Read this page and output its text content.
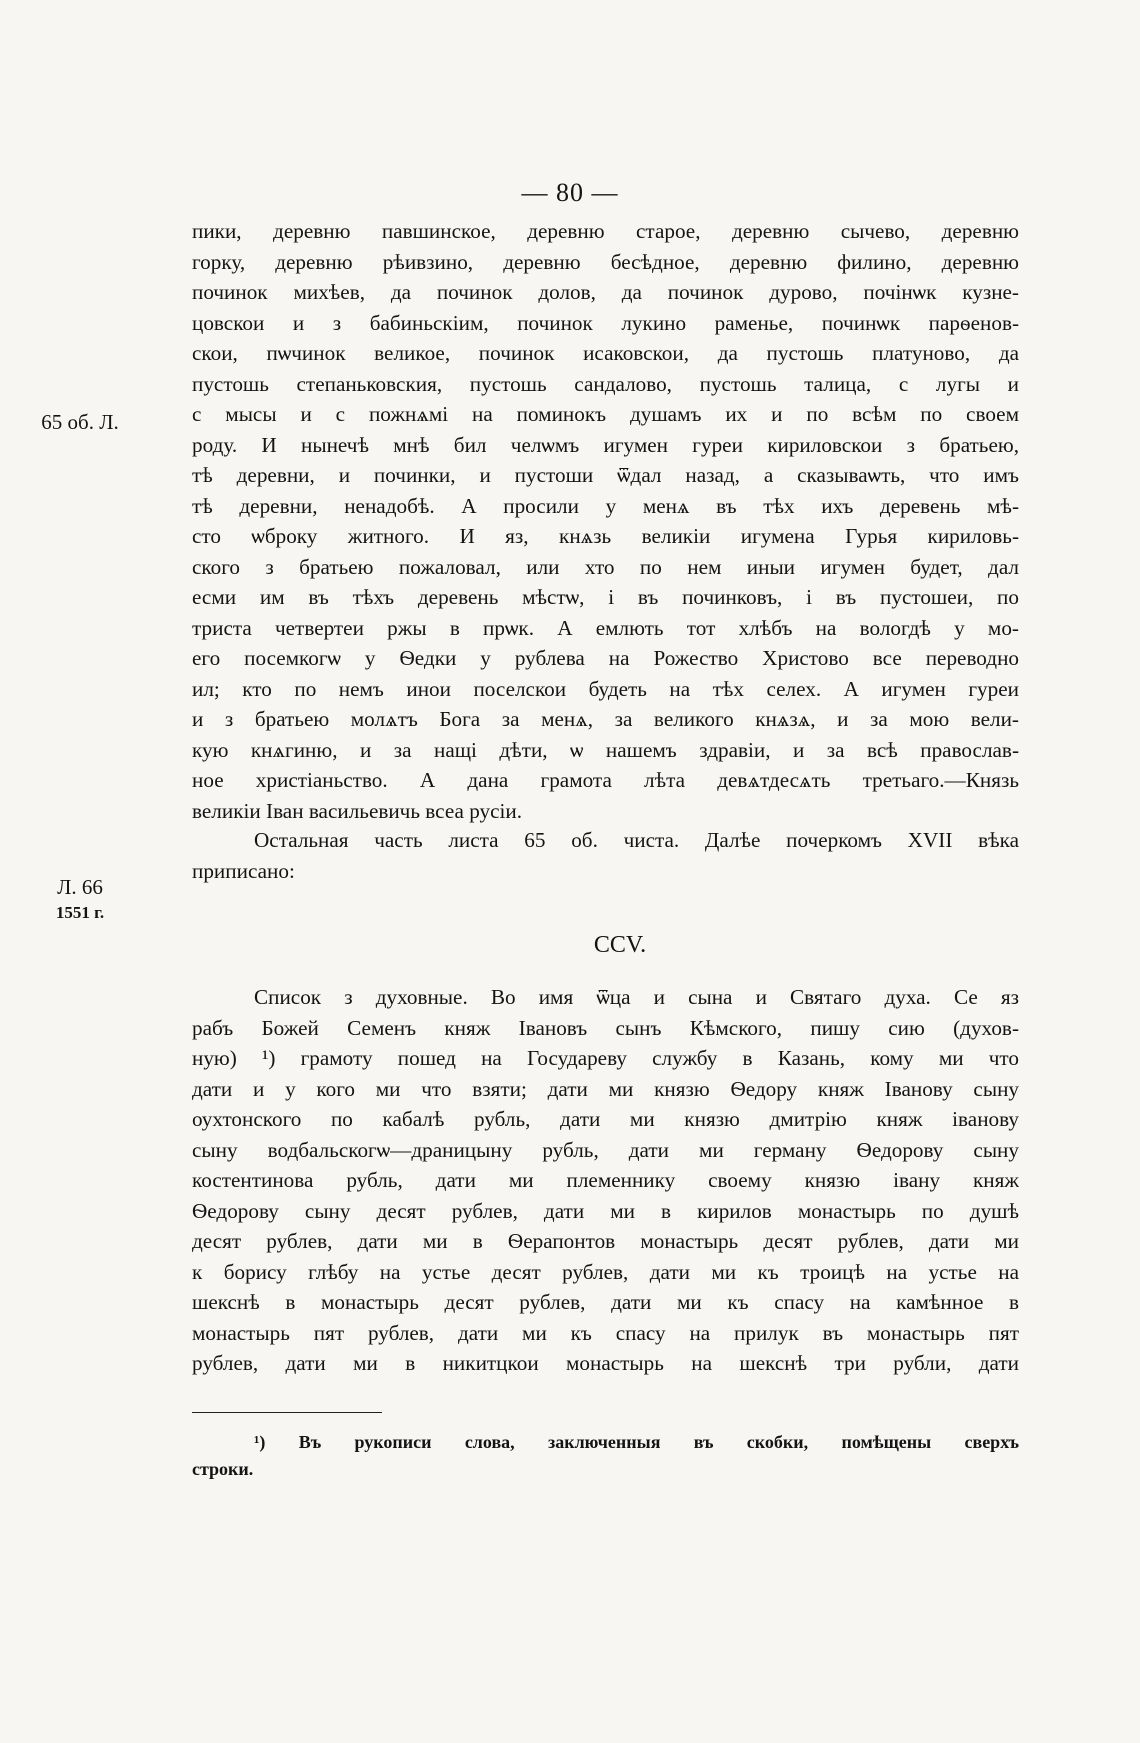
— 80 —
65 об. Л.
Л. 66
1551 г.
пики, деревню павшинское, деревню старое, деревню сычево, деревню
горку, деревню рѣивзино, деревню бесѣдное, деревню филино, деревню
починок михѣев, да починок долов, да починок дурово, почінѡк кузне-
цовскои и з бабиньскіим, починок лукино раменье, починѡк парѳенов-
скои, пѡчинок великое, починок исаковскои, да пустошь платуново, да
пустошь степаньковския, пустошь сандалово, пустошь талица, с лугы и
с мысы и с пожнѧмі на поминокъ душамъ их и по всѣм по своем
роду. И нынечѣ мнѣ бил челѡмъ игумен гуреи кириловскои з братьею,
тѣ деревни, и починки, и пустоши ѿдал назад, а сказываѡть, что имъ
тѣ деревни, ненадобѣ. А просили у менѧ въ тѣх ихъ деревень мѣ-
сто ѡброку житного. И яз, кнѧзь великіи игумена Гурья кириловь-
ского з братьею пожаловал, или хто по нем иныи игумен будет, дал
есми им въ тѣхъ деревень мѣстѡ, і въ починковъ, і въ пустошеи, по
триста четвертеи ржы в прѡк. А емлють тот хлѣбъ на вологдѣ у мо-
его посемкогѡ у Ѳедки у рублева на Рожество Христово все переводно
ил; кто по немъ инои поселскои будеть на тѣх селех. А игумен гуреи
и з братьею молѧтъ Бога за менѧ, за великого кнѧзѧ, и за мою вели-
кую кнѧгиню, и за нащі дѣти, ѡ нашемъ здравіи, и за всѣ православ-
ное христіаньство. А дана грамота лѣта девѧтдесѧть третьаго.—Князь
великіи Іван васильевичь всеа русіи.
Остальная часть листа 65 об. чиста. Далѣе почеркомъ XVII вѣка
приписано:
CCV.
Список з духовные. Во имя ѿца и сына и Святаго духа. Се яз
рабъ Божей Семенъ княж Івановъ сынъ Кѣмского, пишу сию (духов-
ную) ¹) грамоту пошед на Государеву службу в Казань, кому ми что
дати и у кого ми что взяти; дати ми князю Ѳедору княж Іванову сыну
оухтонского по кабалѣ рубль, дати ми князю дмитрію княж іванову
сыну водбальскогѡ—драницыну рубль, дати ми герману Ѳедорову сыну
костентинова рубль, дати ми племеннику своему князю івану княж
Ѳедорову сыну десят рублев, дати ми в кирилов монастырь по душѣ
десят рублев, дати ми в Ѳерапонтов монастырь десят рублев, дати ми
к борису глѣбу на устье десят рублев, дати ми къ троицѣ на устье на
шекснѣ в монастырь десят рублев, дати ми къ спасу на камѣнное в
монастырь пят рублев, дати ми къ спасу на прилук въ монастырь пят
рублев, дати ми в никитцкои монастырь на шекснѣ три рубли, дати
¹) Въ рукописи слова, заключенныя въ скобки, помѣщены сверхъ
строки.
